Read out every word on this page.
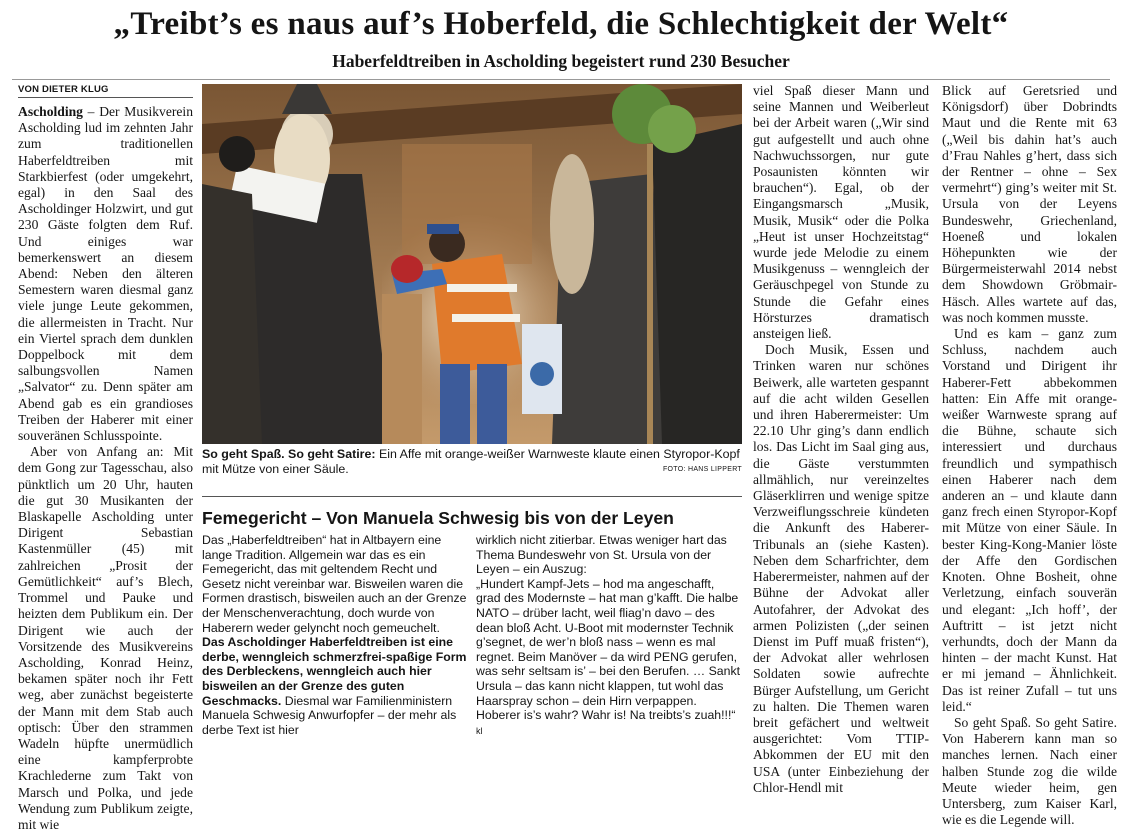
„Treibt’s es naus auf’s Hoberfeld, die Schlechtigkeit der Welt“
Haberfeldtreiben in Ascholding begeistert rund 230 Besucher
VON DIETER KLUG

Ascholding – Der Musikverein Ascholding lud im zehnten Jahr zum traditionellen Haberfeldtreiben mit Starkbierfest (oder umgekehrt, egal) in den Saal des Ascholdinger Holzwirt, und gut 230 Gäste folgten dem Ruf. Und einiges war bemerkenswert an diesem Abend: Neben den älteren Semestern waren diesmal ganz viele junge Leute gekommen, die allermeisten in Tracht. Nur ein Viertel sprach dem dunklen Doppelbock mit dem salbungsvollen Namen „Salvator“ zu. Denn später am Abend gab es ein grandioses Treiben der Haberer mit einer souveränen Schlusspointe.

Aber von Anfang an: Mit dem Gong zur Tagesschau, also pünktlich um 20 Uhr, hauten die gut 30 Musikanten der Blaskapelle Ascholding unter Dirigent Sebastian Kastenmüller (45) mit zahlreichen „Prosit der Gemütlichkeit“ auf’s Blech, Trommel und Pauke und heizten dem Publikum ein. Der Dirigent wie auch der Vorsitzende des Musikvereins Ascholding, Konrad Heinz, bekamen später noch ihr Fett weg, aber zunächst begeisterte der Mann mit dem Stab auch optisch: Über den strammen Wadeln hüpfte unermüdlich eine kampferprobte Krachlederne zum Takt von Marsch und Polka, und jede Wendung zum Publikum zeigte, mit wie

So geht Spaß. So geht Satire: Ein Affe mit orange-weißer Warnweste klaute einen Styropor-Kopf mit Mütze von einer Säule.	FOTO: HANS LIPPERT
Femegericht – Von Manuela Schwesig bis von der Leyen

Das „Haberfeldtreiben“ hat in Altbayern eine lange Tradition. Allgemein war das es ein Femegericht, das mit geltendem Recht und Gesetz nicht vereinbar war. Bisweilen waren die Formen drastisch, bisweilen auch an der Grenze der Menschenverachtung, doch wurde von Haberern weder gelyncht noch gemeuchelt.

Das Ascholdinger Haberfeldtreiben ist eine derbe, wenngleich schmerzfrei-spaßige Form des Derbleckens, wenngleich auch hier bisweilen an der Grenze des guten Geschmacks. Diesmal war Familienministern Manuela Schwesig Anwurfopfer – der mehr als derbe Text ist hier

wirklich nicht zitierbar. Etwas weniger hart das Thema Bundeswehr von St. Ursula von der Leyen – ein Auszug:

„Hundert Kampf-Jets – hod ma angeschafft, grad des Modernste – hat man g’kafft. Die halbe NATO – drüber lacht, weil fliag’n davo – des dean bloß Acht. U-Boot mit modernster Technik g’segnet, de wer’n bloß nass – wenn es mal regnet. Beim Manöver – da wird PENG gerufen, was sehr seltsam is’ – bei den Berufen. … Sankt Ursula – das kann nicht klappen, tut wohl das Haarspray schon – dein Hirn verpappen. Hoberer is’s wahr? Wahr is! Na treibts’s zuah!!!“ kl

viel Spaß dieser Mann und seine Mannen und Weiberleut bei der Arbeit waren („Wir sind gut aufgestellt und auch ohne Nachwuchssorgen, nur gute Posaunisten könnten wir brauchen“). Egal, ob der Eingangsmarsch „Musik, Musik, Musik“ oder die Polka „Heut ist unser Hochzeitstag“ wurde jede Melodie zu einem Musikgenuss – wenngleich der Geräuschpegel von Stunde zu Stunde die Gefahr eines Hörsturzes dramatisch ansteigen ließ.

Doch Musik, Essen und Trinken waren nur schönes Beiwerk, alle warteten gespannt auf die acht wilden Gesellen und ihren Haberermeister: Um 22.10 Uhr ging’s dann endlich los. Das Licht im Saal ging aus, die Gäste verstummten allmählich, nur vereinzeltes Gläserklirren und wenige spitze Verzweiflungsschreie kündeten die Ankunft des Haberer-Tribunals an (siehe Kasten). Neben dem Scharfrichter, dem Haberermeister, nahmen auf der Bühne der Advokat aller Autofahrer, der Advokat des armen Polizisten („der seinen Dienst im Puff muaß fristen“), der Advokat aller wehrlosen Soldaten sowie aufrechte Bürger Aufstellung, um Gericht zu halten. Die Themen waren breit gefächert und weltweit ausgerichtet: Vom TTIP-Abkommen der EU mit den USA (unter Einbeziehung der Chlor-Hendl mit

Blick auf Geretsried und Königsdorf) über Dobrindts Maut und die Rente mit 63 („Weil bis dahin hat’s auch d’Frau Nahles g’hert, dass sich der Rentner – ohne – Sex vermehrt“) ging’s weiter mit St. Ursula von der Leyens Bundeswehr, Griechenland, Hoeneß und lokalen Höhepunkten wie der Bürgermeisterwahl 2014 nebst dem Showdown Gröbmair-Häsch. Alles wartete auf das, was noch kommen musste.

Und es kam – ganz zum Schluss, nachdem auch Vorstand und Dirigent ihr Haberer-Fett abbekommen hatten: Ein Affe mit orange-weißer Warnweste sprang auf die Bühne, schaute sich interessiert und durchaus freundlich und sympathisch einen Haberer nach dem anderen an – und klaute dann ganz frech einen Styropor-Kopf mit Mütze von einer Säule. In bester King-Kong-Manier löste der Affe den Gordischen Knoten. Ohne Bosheit, ohne Verletzung, einfach souverän und elegant: „Ich hoff’, der Auftritt – ist jetzt nicht verhundts, doch der Mann da hinten – der macht Kunst. Hat er mi jemand – Ähnlichkeit. Das ist reiner Zufall – tut uns leid.“

So geht Spaß. So geht Satire. Von Haberern kann man so manches lernen. Nach einer halben Stunde zog die wilde Meute wieder heim, gen Untersberg, zum Kaiser Karl, wie es die Legende will.
